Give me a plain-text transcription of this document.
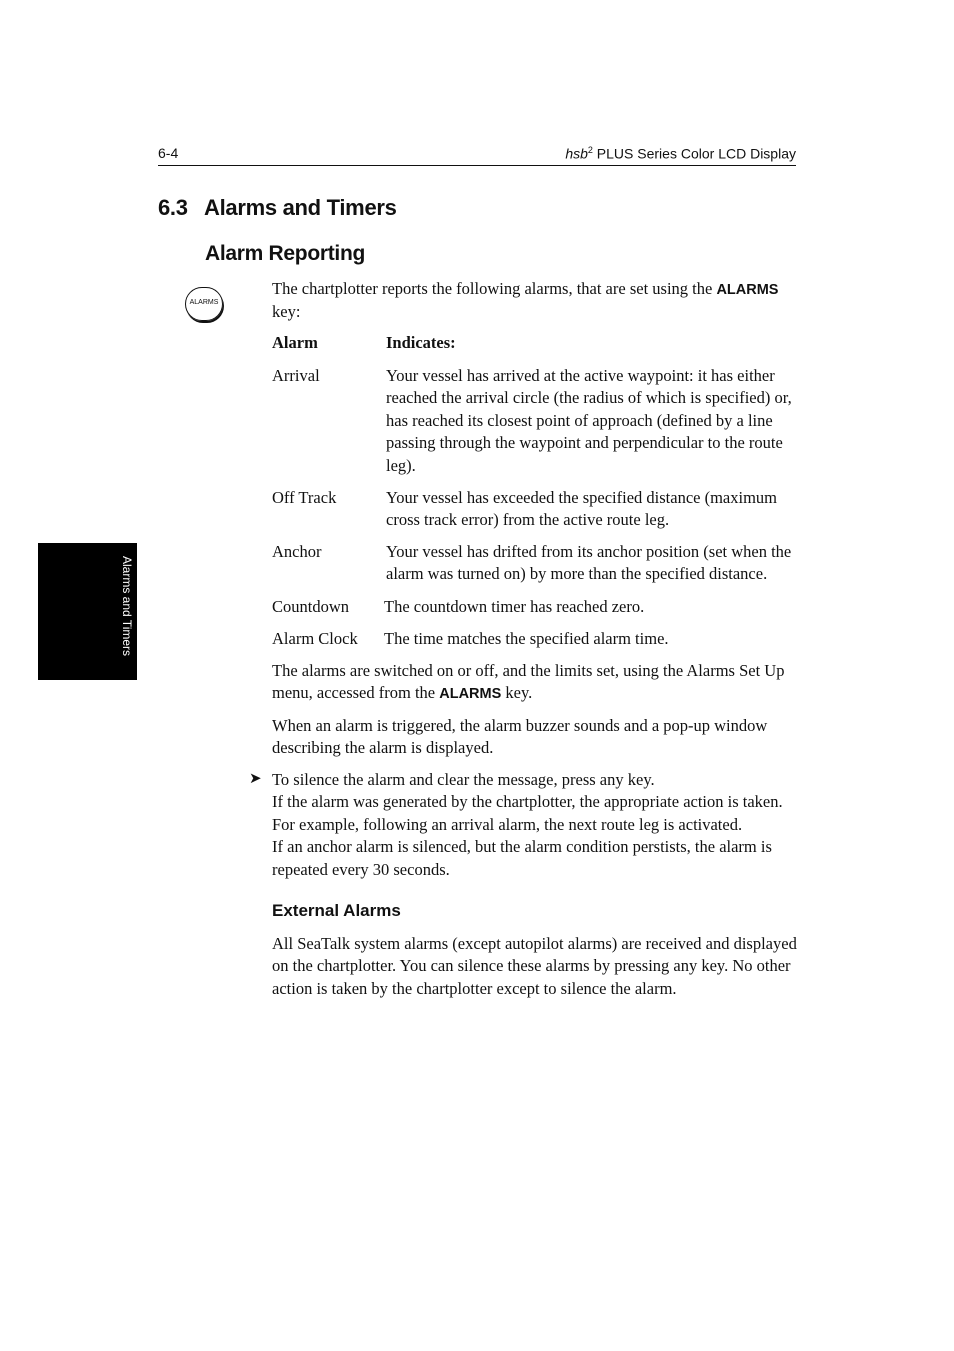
6-4	hsb$^2$ PLUS Series Color LCD Display
Alarms and Timers
6.3 Alarms and Timers
Alarm Reporting
ALARMS
The chartplotter reports the following alarms, that are set using the ALARMS key:
Alarm	Indicates:
Arrival	Your vessel has arrived at the active waypoint: it has either reached the arrival circle (the radius of which is specified) or, has reached its closest point of approach (defined by a line passing through the waypoint and perpendicular to the route leg).
Off Track	Your vessel has exceeded the specified distance (maximum cross track error) from the active route leg.
Anchor	Your vessel has drifted from its anchor position (set when the alarm was turned on) by more than the specified distance.
Countdown The countdown timer has reached zero.
Alarm Clock The time matches the specified alarm time.
The alarms are switched on or off, and the limits set, using the Alarms Set Up menu, accessed from the ALARMS key.
When an alarm is triggered, the alarm buzzer sounds and a pop-up window describing the alarm is displayed.
➤ To silence the alarm and clear the message, press any key.
If the alarm was generated by the chartplotter, the appropriate action is taken.
For example, following an arrival alarm, the next route leg is activated.
If an anchor alarm is silenced, but the alarm condition perstists, the alarm is repeated every 30 seconds.
External Alarms
All SeaTalk system alarms (except autopilot alarms) are received and displayed on the chartplotter. You can silence these alarms by pressing any key. No other action is taken by the chartplotter except to silence the alarm.
